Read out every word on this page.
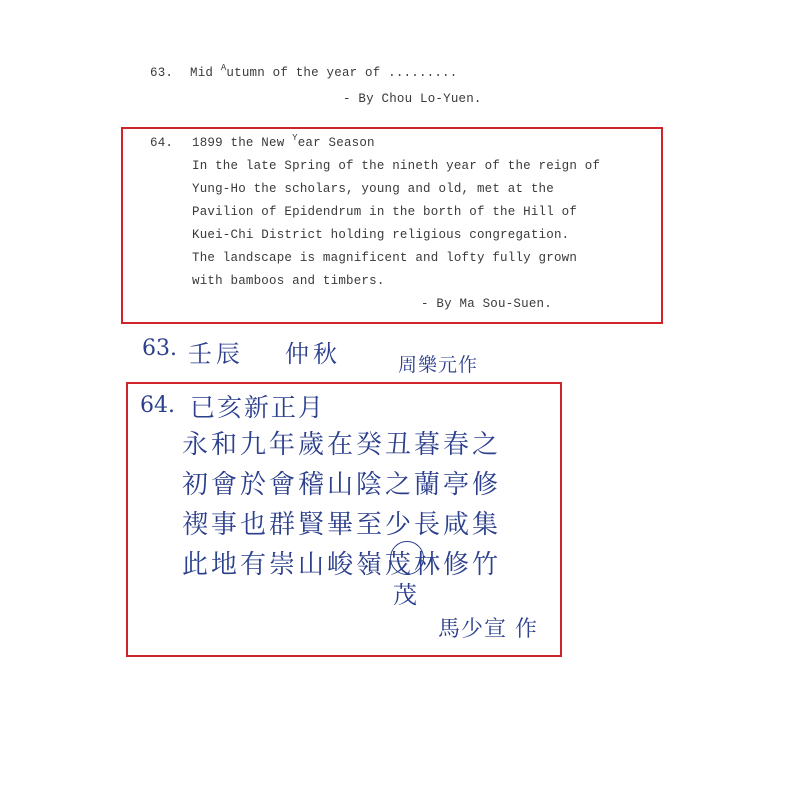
63. Mid $^A$utumn of the year of .........
- By Chou Lo-Yuen.
64. 1899 the New $^Y$ear Season
In the late Spring of the nineth year of the reign of
Yung-Ho the scholars, young and old, met at the
Pavilion of Epidendrum in the borth of the Hill of
Kuei-Chi District holding religious congregation.
The landscape is magnificent and lofty fully grown
with bamboos and timbers.
- By Ma Sou-Suen.
63. 壬辰 仲秋	周樂元作
64. 已亥新正月
永和九年歲在癸丑暮春之
初會於會稽山陰之蘭亭修
禊事也群賢畢至少長咸集
此地有崇山峻嶺茂林修竹
茂
馬少宣 作
